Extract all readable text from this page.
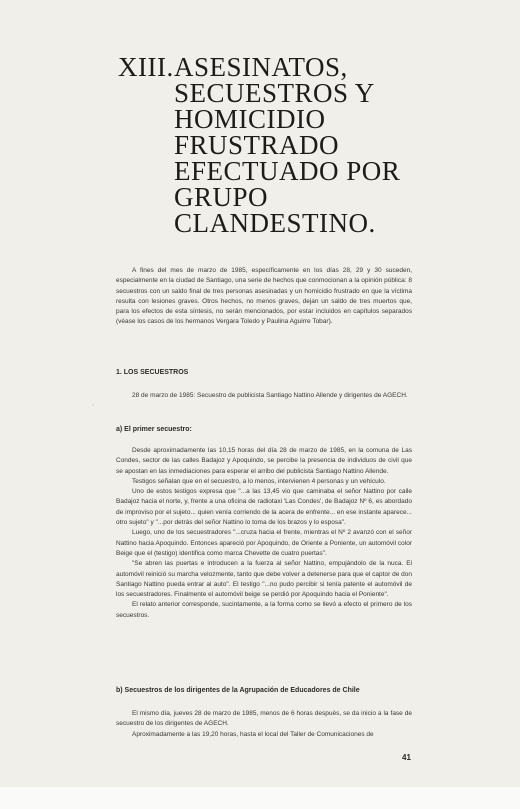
XIII. ASESINATOS,
SECUESTROS Y
HOMICIDIO
FRUSTRADO
EFECTUADO POR
GRUPO
CLANDESTINO.

A fines del mes de marzo de 1985, específicamente en los días 28, 29 y 30 suceden, especialmente en la ciudad de Santiago, una serie de hechos que conmocionan a la opinión pública: 8 secuestros con un saldo final de tres personas asesinadas y un homicidio frustrado en que la víctima resulta con lesiones graves. Otros hechos, no menos graves, dejan un saldo de tres muertos que, para los efectos de esta síntesis, no serán mencionados, por estar incluidos en capítulos separados (véase los casos de los hermanos Vergara Toledo y Paulina Aguirre Tobar).

1. LOS SECUESTROS
·

28 de marzo de 1985: Secuestro de publicista Santiago Nattino Allende y dirigentes de AGECH.

a) El primer secuestro:

Desde aproximadamente las 10,15 horas del día 28 de marzo de 1985, en la comuna de Las Condes, sector de las calles Badajoz y Apoquindo, se percibe la presencia de individuos de civil que se apostan en las inmediaciones para esperar el arribo del publicista Santiago Nattino Allende.

Testigos señalan que en el secuestro, a lo menos, intervienen 4 personas y un vehículo.

Uno de estos testigos expresa que "...a las 13,45 vio que caminaba el señor Nattino por calle Badajoz hacia el norte, y, frente a una oficina de radiotaxi 'Las Condes', de Badajoz Nº 6, es abordado de improviso por el sujeto... quien venía corriendo de la acera de enfrente... en ese instante aparece... otro sujeto" y "...por detrás del señor Nattino lo toma de los brazos y lo esposa".

Luego, uno de los secuestradores "...cruza hacia el frente, mientras el Nº 2 avanzó con el señor Nattino hacia Apoquindo. Entonces apareció por Apoquindo, de Oriente a Poniente, un automóvil color Beige que el (testigo) identifica como marca Chevette de cuatro puertas".

"Se abren las puertas e introducen a la fuerza al señor Nattino, empujándolo de la nuca. El automóvil reinició su marcha velozmente, tanto que debe volver a detenerse para que el captor de don Santiago Nattino pueda entrar al auto". El testigo "...no pudo percibir si tenía patente el automóvil de los secuestradores. Finalmente el automóvil beige se perdió por Apoquindo hacia el Poniente".

El relato anterior corresponde, sucintamente, a la forma como se llevó a efecto el primero de los secuestros.

b) Secuestros de los dirigentes de la Agrupación de Educadores de Chile

El mismo día, jueves 28 de marzo de 1985, menos de 6 horas después, se da inicio a la fase de secuestro de los dirigentes de AGECH.

Aproximadamente a las 19,20 horas, hasta el local del Taller de Comunicaciones de

41
